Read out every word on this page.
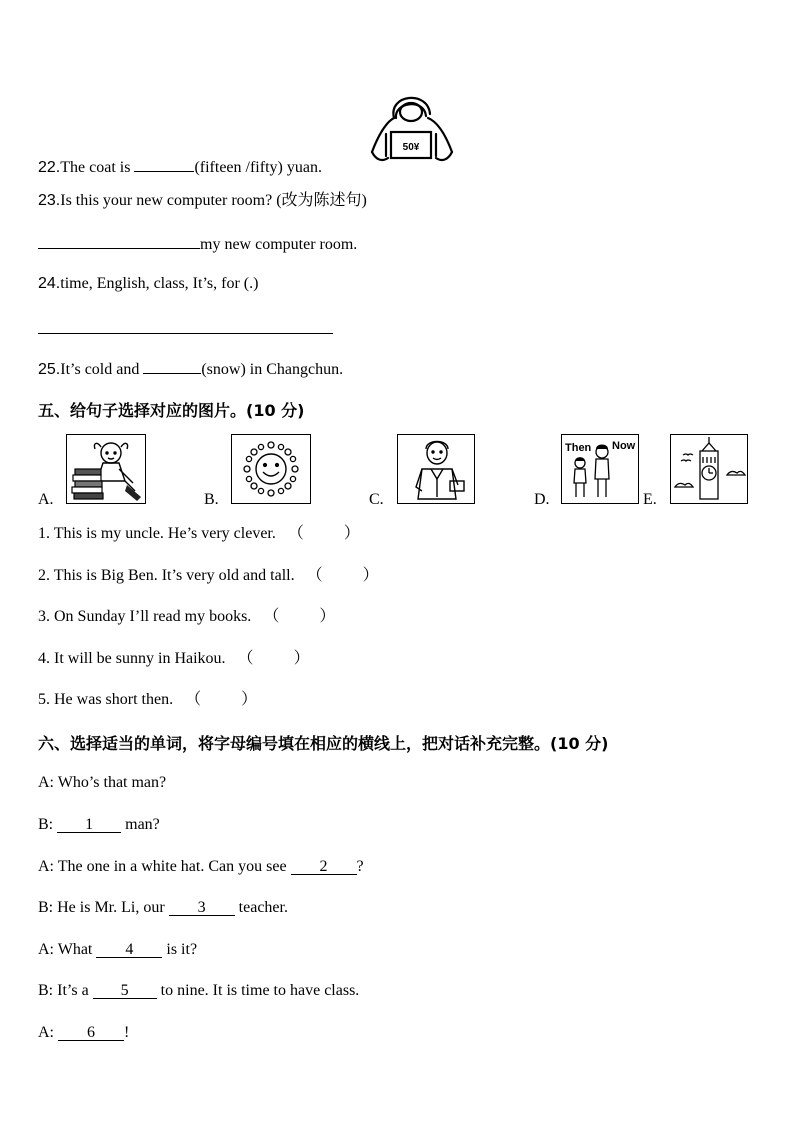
50¥
22.The coat is	(fifteen /fifty) yuan.
23.Is this your new computer room? (改为陈述句)
my new computer room.
24.time, English, class, It’s, for (.)
25.It’s cold and	(snow) in Changchun.
五、给句子选择对应的图片。(10 分)
A.	B.	C.	D.
Then Now
E.
1. This is my uncle. He’s very clever. （	）
2. This is Big Ben. It’s very old and tall. （	）
3. On Sunday I’ll read my books. （	）
4. It will be sunny in Haikou. （	）
5. He was short then. （	）
六、选择适当的单词，将字母编号填在相应的横线上，把对话补充完整。(10 分)
A: Who’s that man?
B: 1 man?
A: The one in a white hat. Can you see 2 ?
B: He is Mr. Li, our 3 teacher.
A: What 4 is it?
B: It’s a 5 to nine. It is time to have class.
A: 6 !
